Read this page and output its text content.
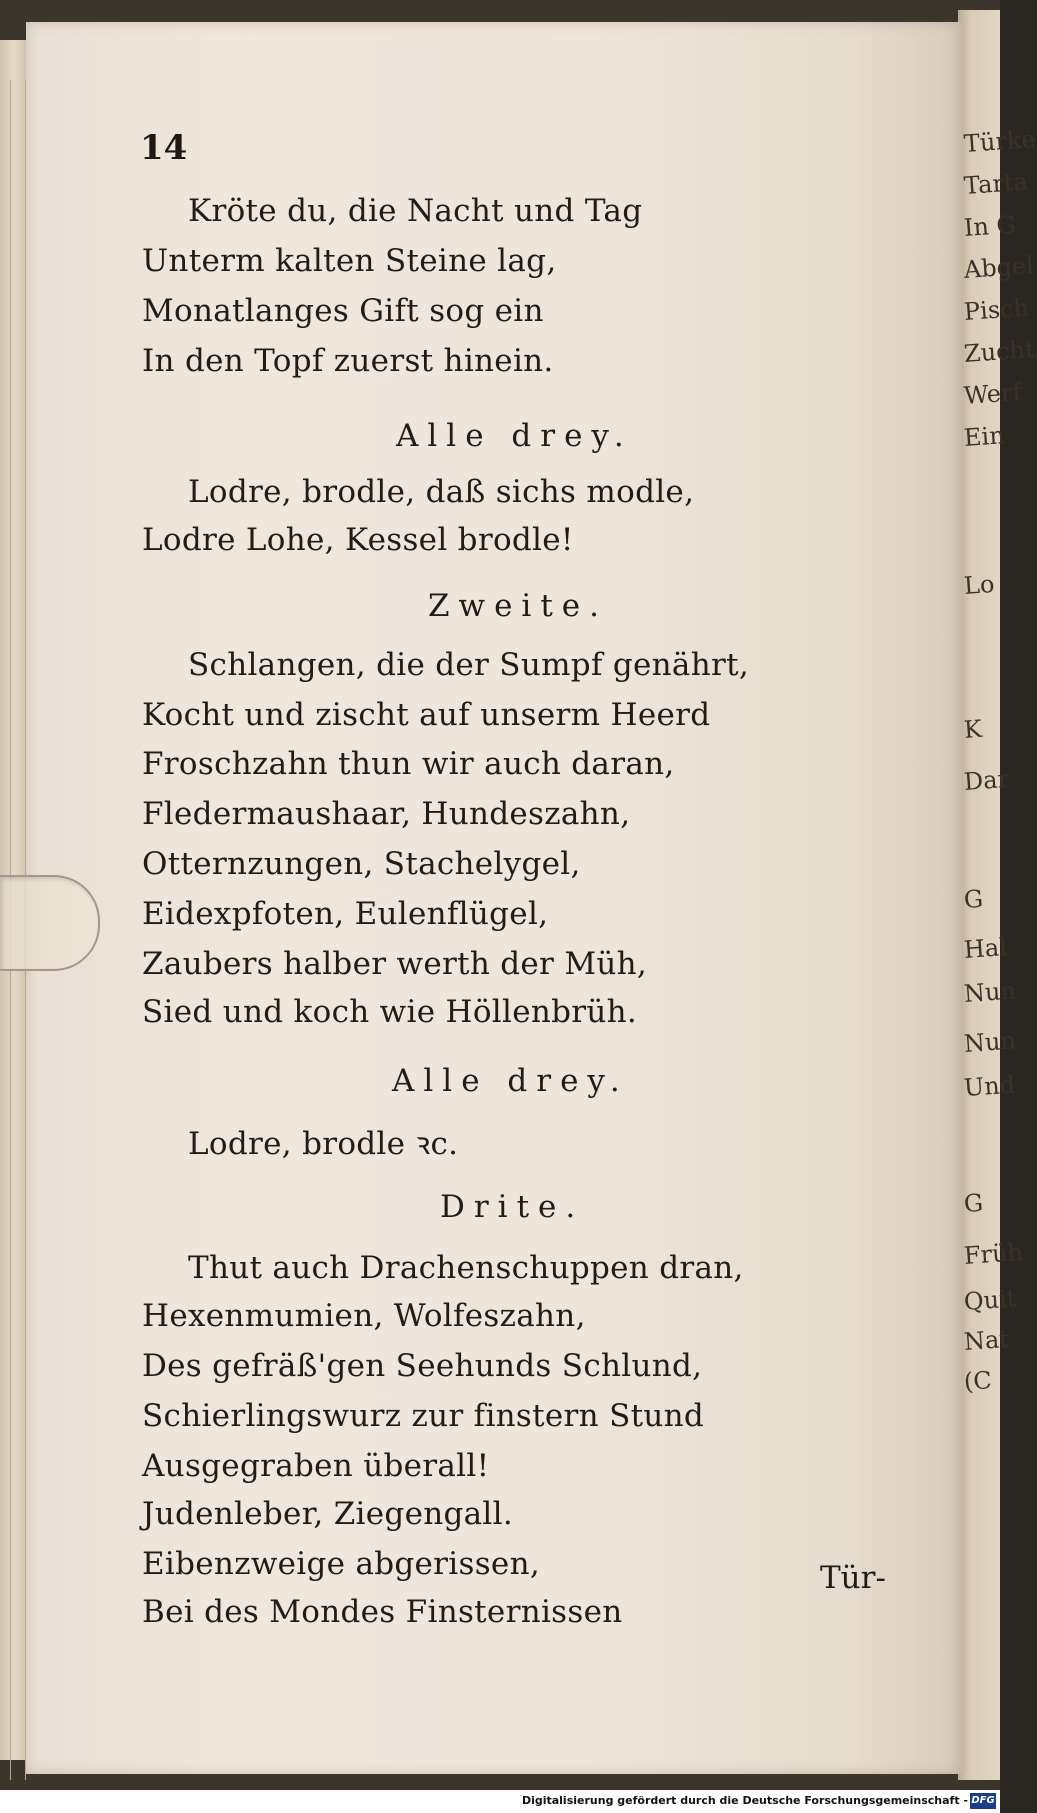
Türke
Tarta
In G
Abgel
Pisch
Zucht
Werf
Ein
Lo
K
Dar
G
Hal
Nun
Nun
Und
G
Früh
Quit
Nat
(C
14
Kröte du, die Nacht und Tag
Unterm kalten Steine lag,
Monatlanges Gift sog ein
In den Topf zuerst hinein.
Alle drey.
Lodre, brodle, daß sichs modle,
Lodre Lohe, Kessel brodle!
Zweite.
Schlangen, die der Sumpf genährt,
Kocht und zischt auf unserm Heerd
Froschzahn thun wir auch daran,
Fledermaushaar, Hundeszahn,
Otternzungen, Stachelygel,
Eidexpfoten, Eulenflügel,
Zaubers halber werth der Müh,
Sied und koch wie Höllenbrüh.
Alle drey.
Lodre, brodle ꝛc.
Drite.
Thut auch Drachenschuppen dran,
Hexenmumien, Wolfeszahn,
Des gefräß'gen Seehunds Schlund,
Schierlingswurz zur finstern Stund
Ausgegraben überall!
Judenleber, Ziegengall.
Eibenzweige abgerissen,
Bei des Mondes Finsternissen
Tür-
Digitalisierung gefördert durch die Deutsche Forschungsgemeinschaft - DFG
